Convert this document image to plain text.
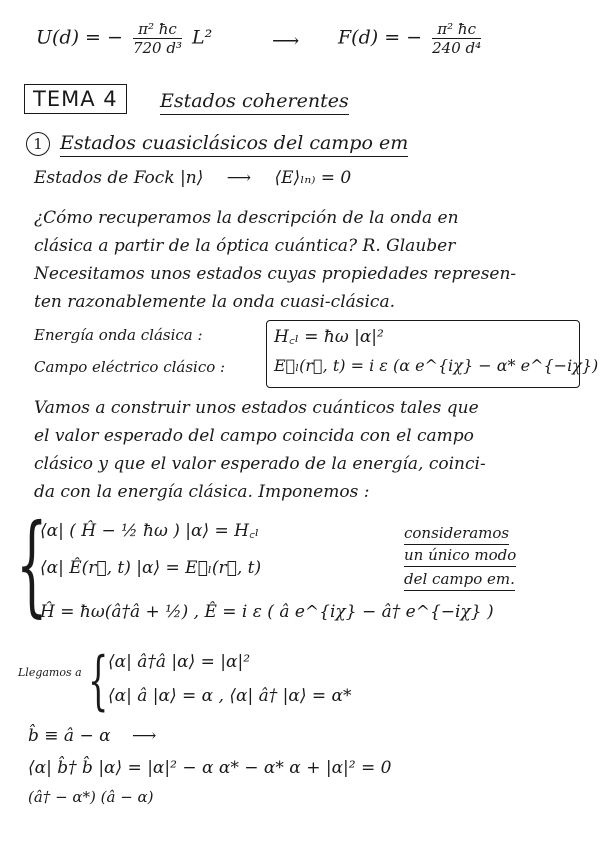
U(d) = − $\frac{\text{π² ħc}}{\text{720 d³}} L^2$	⟶ F(d) = − $\frac{\text{π² ħc}}{\text{240 d⁴}}$
TEMA 4	Estados coherentes
1 Estados cuasiclásicos del campo em
Estados de Fock |n⟩ ⟶ ⟨E⟩ₗₙ₎ = 0
¿Cómo recuperamos la descripción de la onda en
clásica a partir de la óptica cuántica? R. Glauber
Necesitamos unos estados cuyas propiedades represen-
ten razonablemente la onda cuasi-clásica.
Energía onda clásica :	H꜀ₗ = ħω |α|²
Campo eléctrico clásico :	E꜀ₗ(r⃗, t) = i ε (α e^{iχ} − α* e^{−iχ})
Vamos a construir unos estados cuánticos tales que
el valor esperado del campo coincida con el campo
clásico y que el valor esperado de la energía, coinci-
da con la energía clásica. Imponemos :
{
⟨α| ( Ĥ − ½ ħω ) |α⟩ = H꜀ₗ
⟨α| Ê(r⃗, t) |α⟩ = E꜀ₗ(r⃗, t)
Ĥ = ħω(â†â + ½) , Ê = i ε ( â e^{iχ} − â† e^{−iχ} )
consideramos
un único modo
del campo em.
Llegamos a { ⟨α| â†â |α⟩ = |α|²
⟨α| â |α⟩ = α , ⟨α| â† |α⟩ = α*
b̂ ≡ â − α ⟶
⟨α| b̂† b̂ |α⟩ = |α|² − α α* − α* α + |α|² = 0
(â† − α*) (â − α)
